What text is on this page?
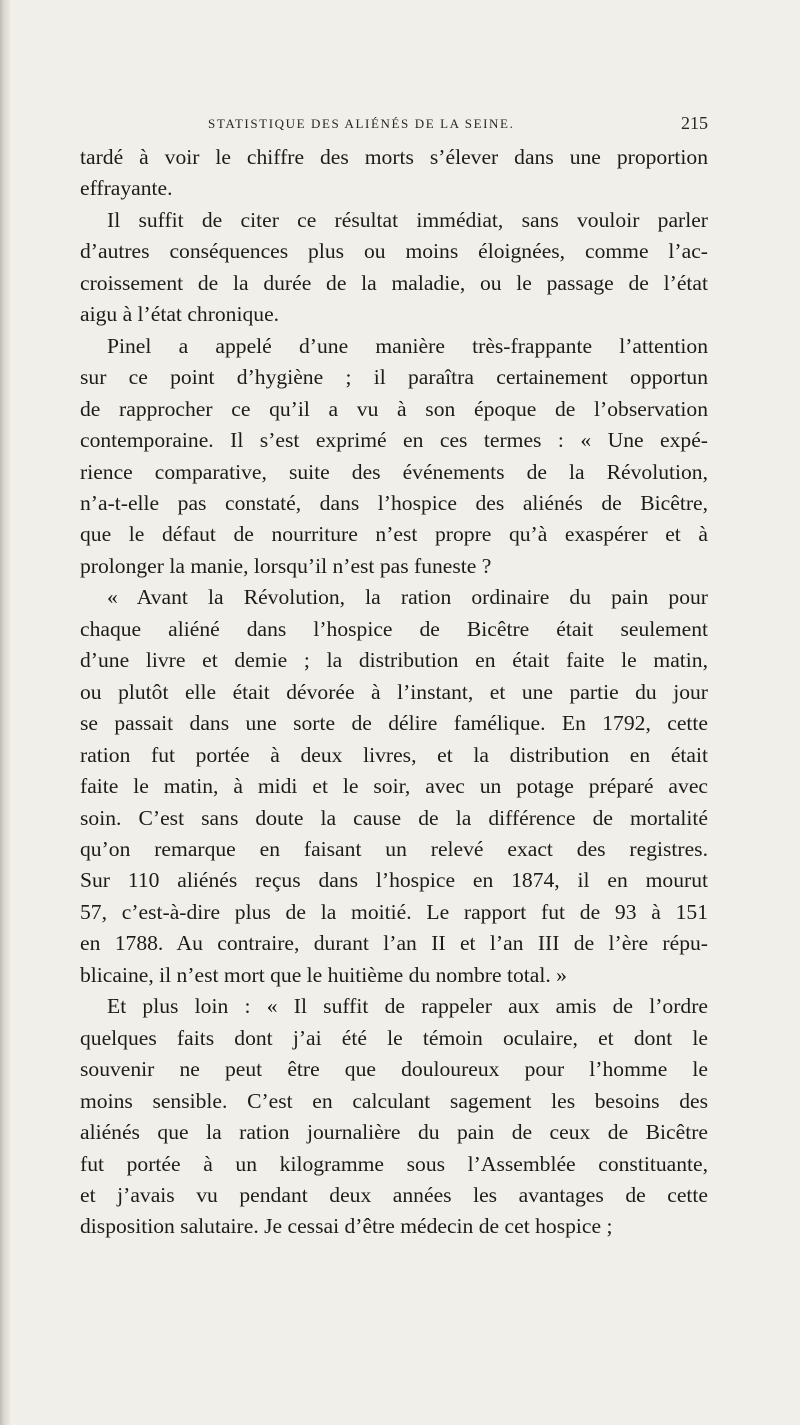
STATISTIQUE DES ALIÉNÉS DE LA SEINE.	215
tardé à voir le chiffre des morts s’élever dans une proportion
effrayante.
Il suffit de citer ce résultat immédiat, sans vouloir parler
d’autres conséquences plus ou moins éloignées, comme l’ac-
croissement de la durée de la maladie, ou le passage de l’état
aigu à l’état chronique.
Pinel a appelé d’une manière très-frappante l’attention
sur ce point d’hygiène ; il paraîtra certainement opportun
de rapprocher ce qu’il a vu à son époque de l’observation
contemporaine. Il s’est exprimé en ces termes : « Une expé-
rience comparative, suite des événements de la Révolution,
n’a-t-elle pas constaté, dans l’hospice des aliénés de Bicêtre,
que le défaut de nourriture n’est propre qu’à exaspérer et à
prolonger la manie, lorsqu’il n’est pas funeste ?
« Avant la Révolution, la ration ordinaire du pain pour
chaque aliéné dans l’hospice de Bicêtre était seulement
d’une livre et demie ; la distribution en était faite le matin,
ou plutôt elle était dévorée à l’instant, et une partie du jour
se passait dans une sorte de délire famélique. En 1792, cette
ration fut portée à deux livres, et la distribution en était
faite le matin, à midi et le soir, avec un potage préparé avec
soin. C’est sans doute la cause de la différence de mortalité
qu’on remarque en faisant un relevé exact des registres.
Sur 110 aliénés reçus dans l’hospice en 1874, il en mourut
57, c’est-à-dire plus de la moitié. Le rapport fut de 93 à 151
en 1788. Au contraire, durant l’an II et l’an III de l’ère répu-
blicaine, il n’est mort que le huitième du nombre total. »
Et plus loin : « Il suffit de rappeler aux amis de l’ordre
quelques faits dont j’ai été le témoin oculaire, et dont le
souvenir ne peut être que douloureux pour l’homme le
moins sensible. C’est en calculant sagement les besoins des
aliénés que la ration journalière du pain de ceux de Bicêtre
fut portée à un kilogramme sous l’Assemblée constituante,
et j’avais vu pendant deux années les avantages de cette
disposition salutaire. Je cessai d’être médecin de cet hospice ;
